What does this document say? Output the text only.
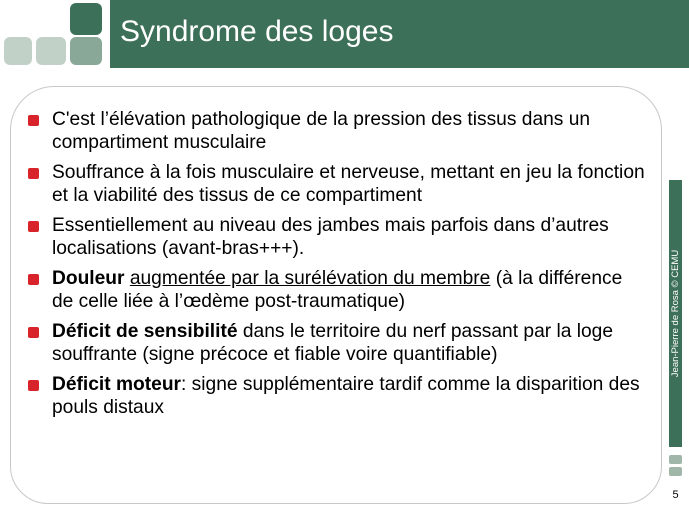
Syndrome des loges
C'est l’élévation pathologique de la pression des tissus dans un compartiment musculaire
Souffrance à la fois musculaire et nerveuse, mettant en jeu la fonction et la viabilité des tissus de ce compartiment
Essentiellement au niveau des jambes mais parfois dans d’autres localisations (avant-bras+++).
Douleur augmentée par la surélévation du membre (à la différence de celle liée à l’œdème post-traumatique)
Déficit de sensibilité dans le territoire du nerf passant par la loge souffrante (signe précoce et fiable voire quantifiable)
Déficit moteur: signe supplémentaire tardif comme la disparition des pouls distaux
Jean-Pierre de Rosa © CEMU
5
